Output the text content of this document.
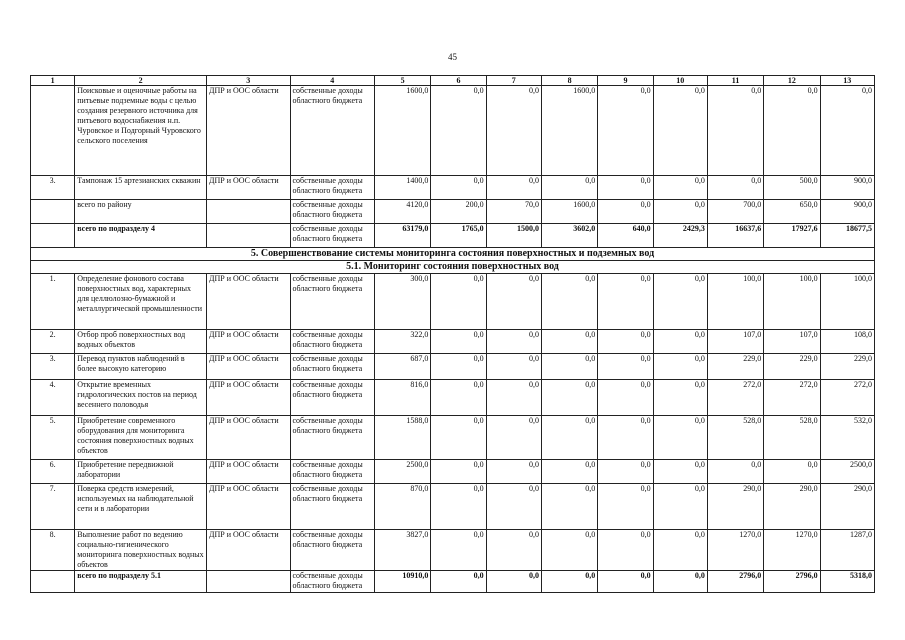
45
1	2	3	4	5	6	7	8	9	10	11	12	13
	Поисковые и оценочные работы на питьевые подземные воды с целью создания резервного источника для питьевого водоснабжения н.п. Чуровское и Подгорный Чуровского сельского поселения	ДПР и ООС области	собственные доходы областного бюджета	1600,0	0,0	0,0	1600,0	0,0	0,0	0,0	0,0	0,0
3.	Тампонаж 15 артезианских скважин	ДПР и ООС области	собственные доходы областного бюджета	1400,0	0,0	0,0	0,0	0,0	0,0	0,0	500,0	900,0
	всего по району		собственные доходы областного бюджета	4120,0	200,0	70,0	1600,0	0,0	0,0	700,0	650,0	900,0
	всего по подразделу 4		собственные доходы областного бюджета	63179,0	1765,0	1500,0	3602,0	640,0	2429,3	16637,6	17927,6	18677,5
5. Совершенствование системы мониторинга состояния поверхностных и подземных вод												
5.1. Мониторинг состояния поверхностных вод												
1.	Определение фонового состава поверхностных вод, характерных для целлюлозно-бумажной и металлургической промышленности	ДПР и ООС области	собственные доходы областного бюджета	300,0	0,0	0,0	0,0	0,0	0,0	100,0	100,0	100,0
2.	Отбор проб поверхностных вод водных объектов	ДПР и ООС области	собственные доходы областного бюджета	322,0	0,0	0,0	0,0	0,0	0,0	107,0	107,0	108,0
3.	Перевод пунктов наблюдений в более высокую категорию	ДПР и ООС области	собственные доходы областного бюджета	687,0	0,0	0,0	0,0	0,0	0,0	229,0	229,0	229,0
4.	Открытие временных гидрологических постов на период весеннего половодья	ДПР и ООС области	собственные доходы областного бюджета	816,0	0,0	0,0	0,0	0,0	0,0	272,0	272,0	272,0
5.	Приобретение современного оборудования для мониторинга состояния поверхностных водных объектов	ДПР и ООС области	собственные доходы областного бюджета	1588,0	0,0	0,0	0,0	0,0	0,0	528,0	528,0	532,0
6.	Приобретение передвижной лаборатории	ДПР и ООС области	собственные доходы областного бюджета	2500,0	0,0	0,0	0,0	0,0	0,0	0,0	0,0	2500,0
7.	Поверка средств измерений, используемых на наблюдательной сети и в лаборатории	ДПР и ООС области	собственные доходы областного бюджета	870,0	0,0	0,0	0,0	0,0	0,0	290,0	290,0	290,0
8.	Выполнение работ по ведению социально-гигиенического мониторинга поверхностных водных объектов	ДПР и ООС области	собственные доходы областного бюджета	3827,0	0,0	0,0	0,0	0,0	0,0	1270,0	1270,0	1287,0
	всего по подразделу 5.1		собственные доходы областного бюджета	10910,0	0,0	0,0	0,0	0,0	0,0	2796,0	2796,0	5318,0
